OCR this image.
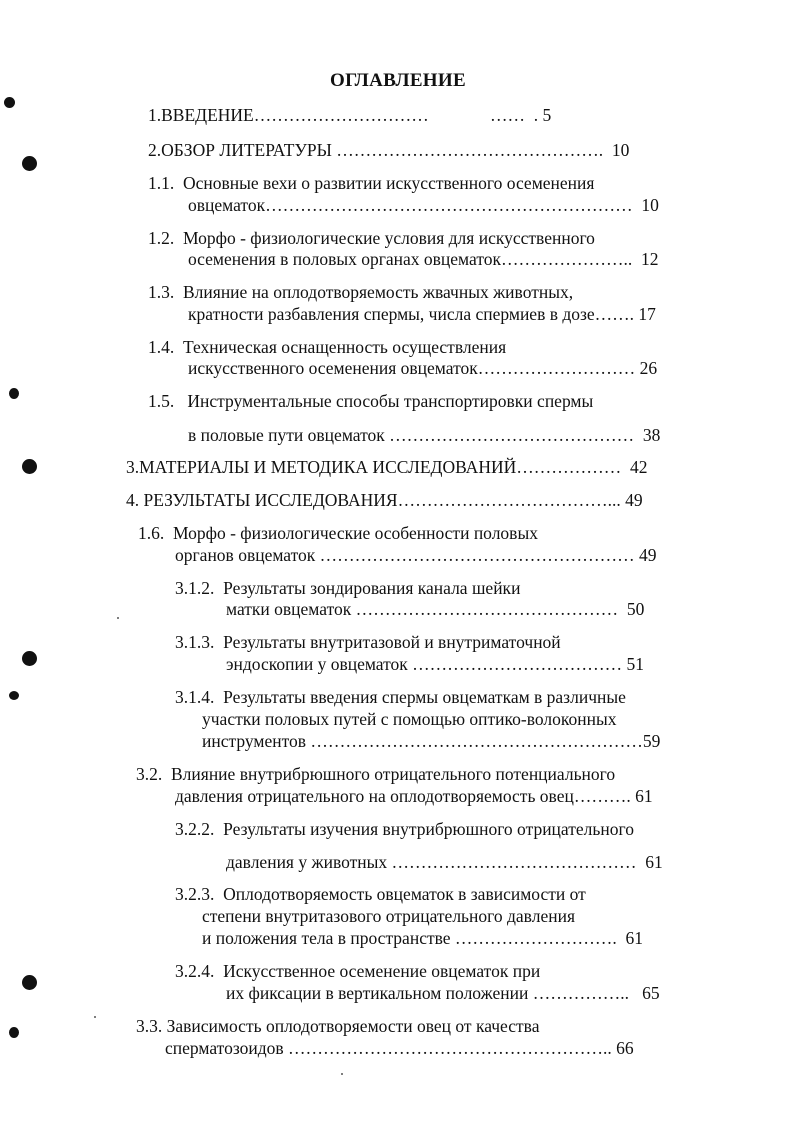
ОГЛАВЛЕНИЕ
1.ВВЕДЕНИЕ…………………………              ……  . 5
2.ОБЗОР ЛИТЕРАТУРЫ ……………………………………….  10
1.1.  Основные вехи о развитии искусственного осеменения
овцематок………………………………………………………  10
1.2.  Морфо - физиологические условия для искусственного
осеменения в половых органах овцематок…………………..  12
1.3.  Влияние на оплодотворяемость жвачных животных,
кратности разбавления спермы, числа спермиев в дозе……. 17
1.4.  Техническая оснащенность осуществления
искусственного осеменения овцематок……………………… 26
1.5.   Инструментальные способы транспортировки спермы
в половые пути овцематок ……………………………………  38
3.МАТЕРИАЛЫ И МЕТОДИКА ИССЛЕДОВАНИЙ………………  42
4. РЕЗУЛЬТАТЫ ИССЛЕДОВАНИЯ………………………………... 49
1.6.  Морфо - физиологические особенности половых
органов овцематок ……………………………………………… 49
3.1.2.  Результаты зондирования канала шейки
матки овцематок ………………………………………  50
3.1.3.  Результаты внутритазовой и внутриматочной
эндоскопии у овцематок ……………………………… 51
3.1.4.  Результаты введения спермы овцематкам в различные
участки половых путей с помощью оптико-волоконных
инструментов …………………………………………………59
3.2.  Влияние внутрибрюшного отрицательного потенциального
давления отрицательного на оплодотворяемость овец………. 61
3.2.2.  Результаты изучения внутрибрюшного отрицательного
давления у животных ……………………………………  61
3.2.3.  Оплодотворяемость овцематок в зависимости от
степени внутритазового отрицательного давления
и положения тела в пространстве ……………………….  61
3.2.4.  Искусственное осеменение овцематок при
их фиксации в вертикальном положении ……………..   65
3.3. Зависимость оплодотворяемости овец от качества
сперматозоидов ……………………………………………….. 66
